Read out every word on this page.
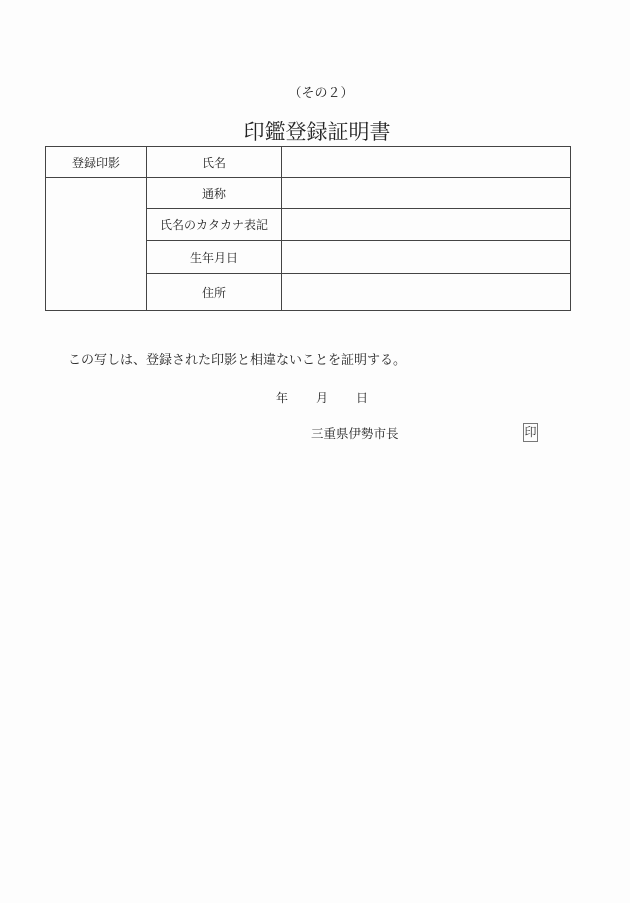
（その２）
印鑑登録証明書
登録印影	氏名	
	通称	
	氏名のカタカナ表記	
	生年月日	
	住所	
この写しは、登録された印影と相違ないことを証明する。
年 月 日
三重県伊勢市長	印
